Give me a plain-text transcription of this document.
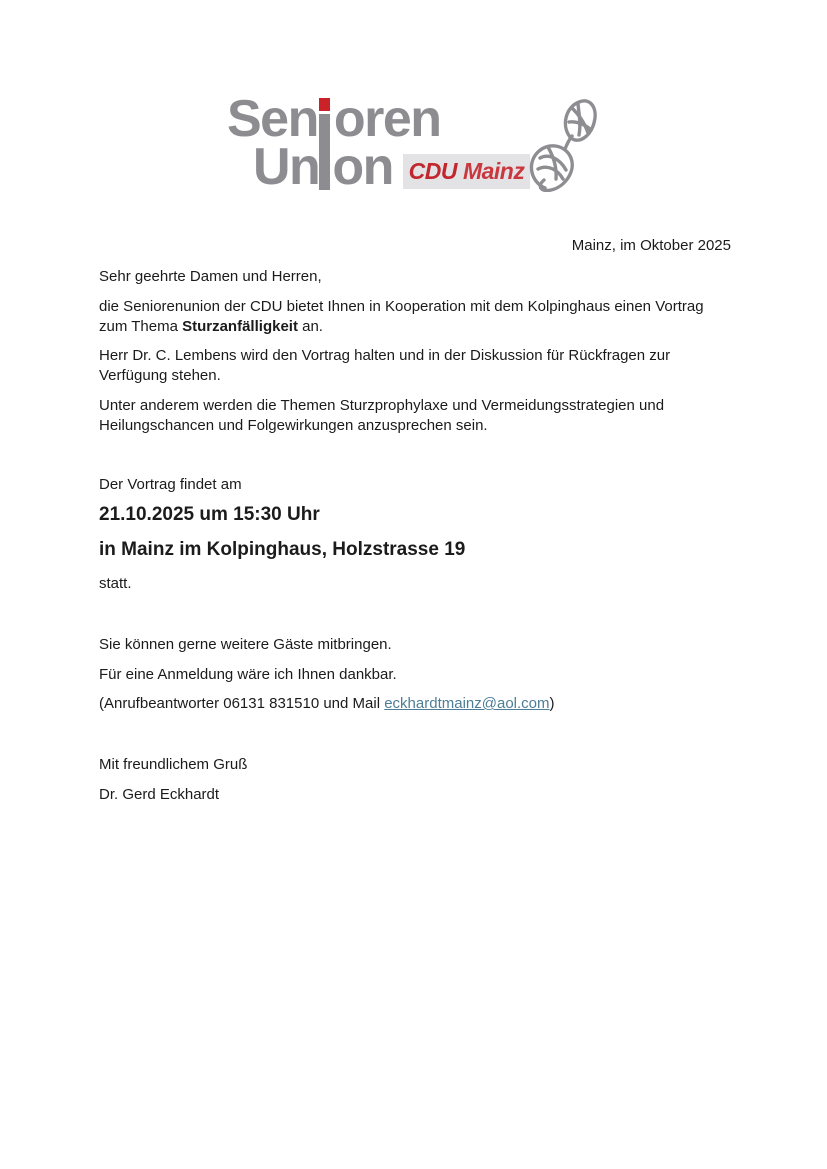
Sen oren
Un on CDU Mainz
Mainz, im Oktober 2025
Sehr geehrte Damen und Herren,
die Seniorenunion der CDU bietet Ihnen in Kooperation mit dem Kolpinghaus einen Vortrag
zum Thema Sturzanfälligkeit an.
Herr Dr. C. Lembens wird den Vortrag halten und in der Diskussion für Rückfragen zur
Verfügung stehen.
Unter anderem werden die Themen Sturzprophylaxe und Vermeidungsstrategien und
Heilungschancen und Folgewirkungen anzusprechen sein.
Der Vortrag findet am
21.10.2025 um 15:30 Uhr
in Mainz im Kolpinghaus, Holzstrasse 19
statt.
Sie können gerne weitere Gäste mitbringen.
Für eine Anmeldung wäre ich Ihnen dankbar.
(Anrufbeantworter 06131 831510 und Mail eckhardtmainz@aol.com)
Mit freundlichem Gruß
Dr. Gerd Eckhardt
